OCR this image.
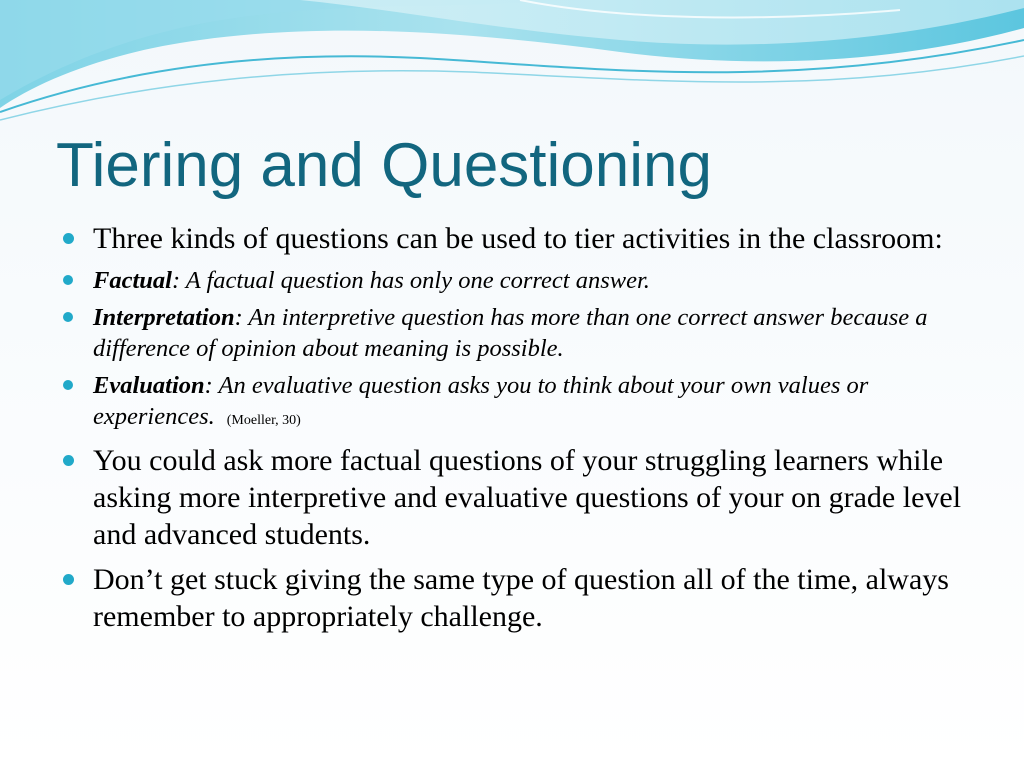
Tiering and Questioning
Three kinds of questions can be used to tier activities in the classroom:
Factual: A factual question has only one correct answer.
Interpretation: An interpretive question has more than one correct answer because a difference of opinion about meaning is possible.
Evaluation: An evaluative question asks you to think about your own values or experiences. (Moeller, 30)
You could ask more factual questions of your struggling learners while asking more interpretive and evaluative questions of your on grade level and advanced students.
Don’t get stuck giving the same type of question all of the time, always remember to appropriately challenge.
